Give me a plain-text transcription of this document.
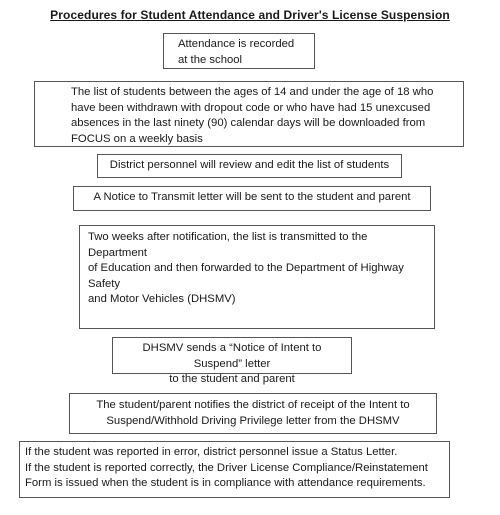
Procedures for Student Attendance and Driver's License Suspension

Attendance is recorded

at the school

The list of students between the ages of 14 and under the age of 18 who

have been withdrawn with dropout code or who have had 15 unexcused

absences in the last ninety (90) calendar days will be downloaded from

FOCUS on a weekly basis

District personnel will review and edit the list of students

A Notice to Transmit letter will be sent to the student and parent

Two weeks after notification, the list is transmitted to the Department

of Education and then forwarded to the Department of Highway Safety

and Motor Vehicles (DHSMV)

DHSMV sends a “Notice of Intent to Suspend” letter

to the student and parent

The student/parent notifies the district of receipt of the Intent to

Suspend/Withhold Driving Privilege letter from the DHSMV

If the student was reported in error, district personnel issue a Status Letter.

If the student is reported correctly, the Driver License Compliance/Reinstatement

Form is issued when the student is in compliance with attendance requirements.
